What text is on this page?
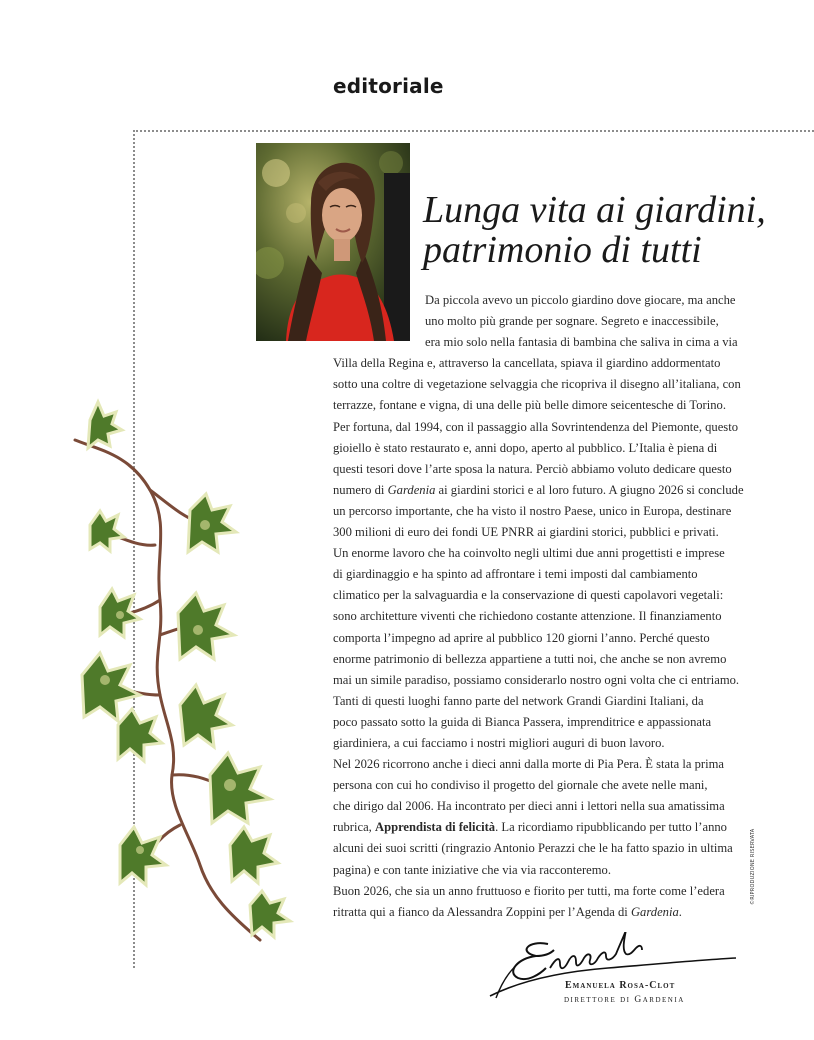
editoriale
Lunga vita ai giardini,
patrimonio di tutti
Da piccola avevo un piccolo giardino dove giocare, ma anche
uno molto più grande per sognare. Segreto e inaccessibile,
era mio solo nella fantasia di bambina che saliva in cima a via
Villa della Regina e, attraverso la cancellata, spiava il giardino addormentato
sotto una coltre di vegetazione selvaggia che ricopriva il disegno all’italiana, con
terrazze, fontane e vigna, di una delle più belle dimore seicentesche di Torino.
Per fortuna, dal 1994, con il passaggio alla Sovrintendenza del Piemonte, questo
gioiello è stato restaurato e, anni dopo, aperto al pubblico. L’Italia è piena di
questi tesori dove l’arte sposa la natura. Perciò abbiamo voluto dedicare questo
numero di Gardenia ai giardini storici e al loro futuro. A giugno 2026 si conclude
un percorso importante, che ha visto il nostro Paese, unico in Europa, destinare
300 milioni di euro dei fondi UE PNRR ai giardini storici, pubblici e privati.
Un enorme lavoro che ha coinvolto negli ultimi due anni progettisti e imprese
di giardinaggio e ha spinto ad affrontare i temi imposti dal cambiamento
climatico per la salvaguardia e la conservazione di questi capolavori vegetali:
sono architetture viventi che richiedono costante attenzione. Il finanziamento
comporta l’impegno ad aprire al pubblico 120 giorni l’anno. Perché questo
enorme patrimonio di bellezza appartiene a tutti noi, che anche se non avremo
mai un simile paradiso, possiamo considerarlo nostro ogni volta che ci entriamo.
Tanti di questi luoghi fanno parte del network Grandi Giardini Italiani, da
poco passato sotto la guida di Bianca Passera, imprenditrice e appassionata
giardiniera, a cui facciamo i nostri migliori auguri di buon lavoro.
Nel 2026 ricorrono anche i dieci anni dalla morte di Pia Pera. È stata la prima
persona con cui ho condiviso il progetto del giornale che avete nelle mani,
che dirigo dal 2006. Ha incontrato per dieci anni i lettori nella sua amatissima
rubrica, Apprendista di felicità. La ricordiamo ripubblicando per tutto l’anno
alcuni dei suoi scritti (ringrazio Antonio Perazzi che le ha fatto spazio in ultima
pagina) e con tante iniziative che via via racconteremo.
Buon 2026, che sia un anno fruttuoso e fiorito per tutti, ma forte come l’edera
ritratta qui a fianco da Alessandra Zoppini per l’Agenda di Gardenia.
©RIPRODUZIONE RISERVATA
Emanuela Rosa-Clot
direttore di Gardenia
